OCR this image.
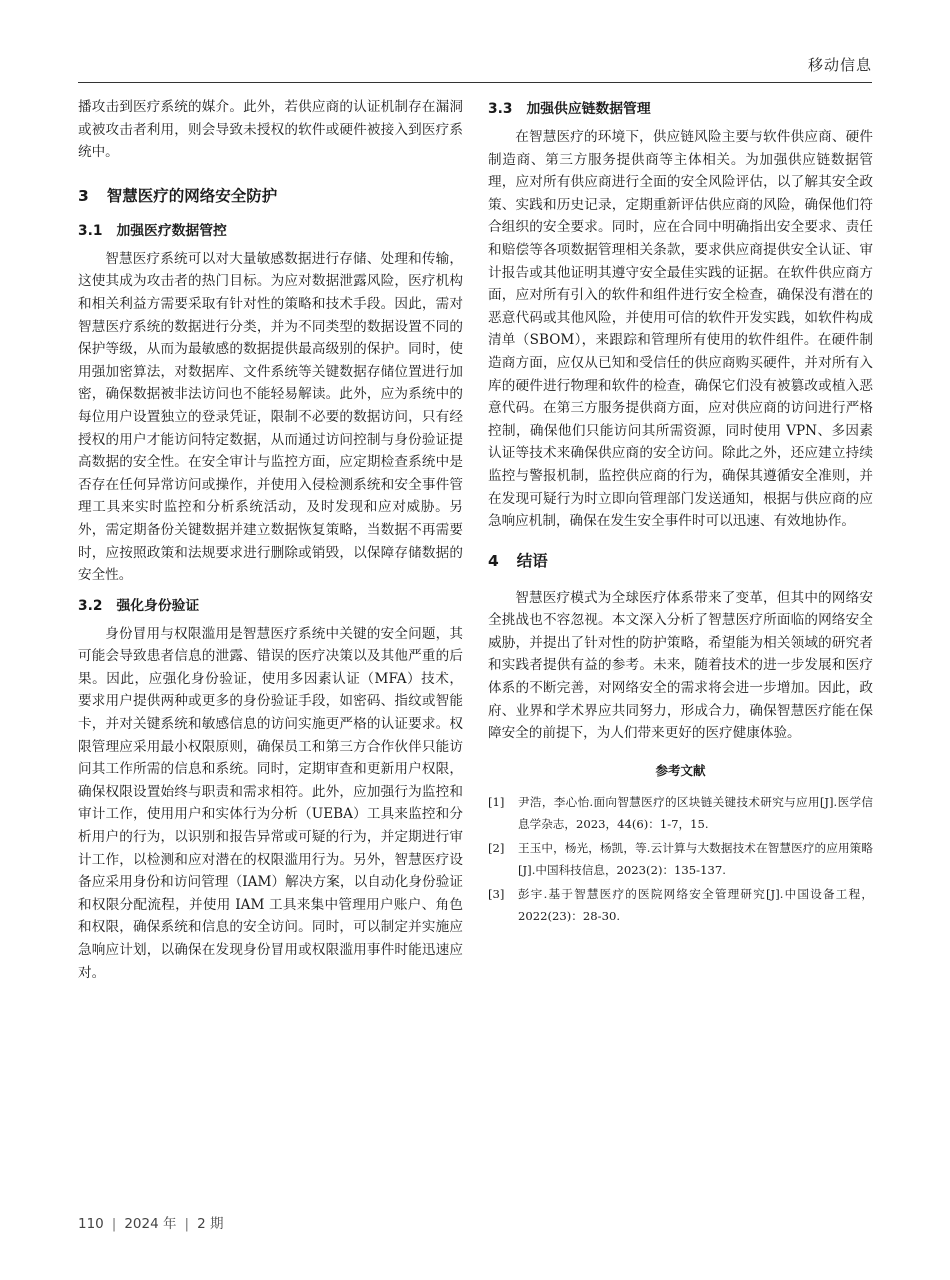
移动信息

播攻击到医疗系统的媒介。此外，若供应商的认证机制存在漏洞或被攻击者利用，则会导致未授权的软件或硬件被接入到医疗系统中。

3 智慧医疗的网络安全防护
3.1 加强医疗数据管控

智慧医疗系统可以对大量敏感数据进行存储、处理和传输，这使其成为攻击者的热门目标。为应对数据泄露风险，医疗机构和相关利益方需要采取有针对性的策略和技术手段。因此，需对智慧医疗系统的数据进行分类，并为不同类型的数据设置不同的保护等级，从而为最敏感的数据提供最高级别的保护。同时，使用强加密算法，对数据库、文件系统等关键数据存储位置进行加密，确保数据被非法访问也不能轻易解读。此外，应为系统中的每位用户设置独立的登录凭证，限制不必要的数据访问，只有经授权的用户才能访问特定数据，从而通过访问控制与身份验证提高数据的安全性。在安全审计与监控方面，应定期检查系统中是否存在任何异常访问或操作，并使用入侵检测系统和安全事件管理工具来实时监控和分析系统活动，及时发现和应对威胁。另外，需定期备份关键数据并建立数据恢复策略，当数据不再需要时，应按照政策和法规要求进行删除或销毁，以保障存储数据的安全性。

3.2 强化身份验证

身份冒用与权限滥用是智慧医疗系统中关键的安全问题，其可能会导致患者信息的泄露、错误的医疗决策以及其他严重的后果。因此，应强化身份验证，使用多因素认证（MFA）技术，要求用户提供两种或更多的身份验证手段，如密码、指纹或智能卡，并对关键系统和敏感信息的访问实施更严格的认证要求。权限管理应采用最小权限原则，确保员工和第三方合作伙伴只能访问其工作所需的信息和系统。同时，定期审查和更新用户权限，确保权限设置始终与职责和需求相符。此外，应加强行为监控和审计工作，使用用户和实体行为分析（UEBA）工具来监控和分析用户的行为，以识别和报告异常或可疑的行为，并定期进行审计工作，以检测和应对潜在的权限滥用行为。另外，智慧医疗设备应采用身份和访问管理（IAM）解决方案，以自动化身份验证和权限分配流程，并使用 IAM 工具来集中管理用户账户、角色和权限，确保系统和信息的安全访问。同时，可以制定并实施应急响应计划，以确保在发现身份冒用或权限滥用事件时能迅速应对。

3.3 加强供应链数据管理

在智慧医疗的环境下，供应链风险主要与软件供应商、硬件制造商、第三方服务提供商等主体相关。为加强供应链数据管理，应对所有供应商进行全面的安全风险评估，以了解其安全政策、实践和历史记录，定期重新评估供应商的风险，确保他们符合组织的安全要求。同时，应在合同中明确指出安全要求、责任和赔偿等各项数据管理相关条款，要求供应商提供安全认证、审计报告或其他证明其遵守安全最佳实践的证据。在软件供应商方面，应对所有引入的软件和组件进行安全检查，确保没有潜在的恶意代码或其他风险，并使用可信的软件开发实践，如软件构成清单（SBOM），来跟踪和管理所有使用的软件组件。在硬件制造商方面，应仅从已知和受信任的供应商购买硬件，并对所有入库的硬件进行物理和软件的检查，确保它们没有被篡改或植入恶意代码。在第三方服务提供商方面，应对供应商的访问进行严格控制，确保他们只能访问其所需资源，同时使用 VPN、多因素认证等技术来确保供应商的安全访问。除此之外，还应建立持续监控与警报机制，监控供应商的行为，确保其遵循安全准则，并在发现可疑行为时立即向管理部门发送通知，根据与供应商的应急响应机制，确保在发生安全事件时可以迅速、有效地协作。

4 结语

智慧医疗模式为全球医疗体系带来了变革，但其中的网络安全挑战也不容忽视。本文深入分析了智慧医疗所面临的网络安全威胁，并提出了针对性的防护策略，希望能为相关领域的研究者和实践者提供有益的参考。未来，随着技术的进一步发展和医疗体系的不断完善，对网络安全的需求将会进一步增加。因此，政府、业界和学术界应共同努力，形成合力，确保智慧医疗能在保障安全的前提下，为人们带来更好的医疗健康体验。

参考文献
[1]	尹浩，李心怡.面向智慧医疗的区块链关键技术研究与应用[J].医学信息学杂志，2023，44(6)：1-7，15.
[2]	王玉中，杨光，杨凯，等.云计算与大数据技术在智慧医疗的应用策略[J].中国科技信息，2023(2)：135-137.
[3]	彭宇.基于智慧医疗的医院网络安全管理研究[J].中国设备工程，2022(23)：28-30.
110 | 2024 年 | 2 期
